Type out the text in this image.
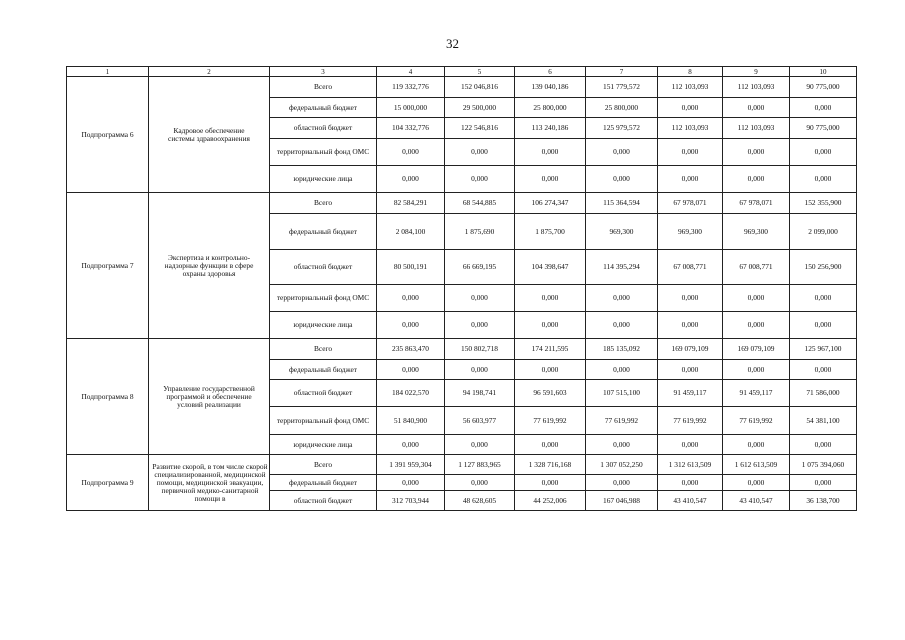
32
1	2	3	4	5	6	7	8	9	10
Подпрограмма 6	Кадровое обеспечение системы здравоохранения	Всего	119 332,776	152 046,816	139 040,186	151 779,572	112 103,093	112 103,093	90 775,000
		федеральный бюджет	15 000,000	29 500,000	25 800,000	25 800,000	0,000	0,000	0,000
		областной бюджет	104 332,776	122 546,816	113 240,186	125 979,572	112 103,093	112 103,093	90 775,000
		территориальный фонд ОМС	0,000	0,000	0,000	0,000	0,000	0,000	0,000
		юридические лица	0,000	0,000	0,000	0,000	0,000	0,000	0,000
Подпрограмма 7	Экспертиза и контрольно-надзорные функции в сфере охраны здоровья	Всего	82 584,291	68 544,885	106 274,347	115 364,594	67 978,071	67 978,071	152 355,900
		федеральный бюджет	2 084,100	1 875,690	1 875,700	969,300	969,300	969,300	2 099,000
		областной бюджет	80 500,191	66 669,195	104 398,647	114 395,294	67 008,771	67 008,771	150 256,900
		территориальный фонд ОМС	0,000	0,000	0,000	0,000	0,000	0,000	0,000
		юридические лица	0,000	0,000	0,000	0,000	0,000	0,000	0,000
Подпрограмма 8	Управление государственной программой и обеспечение условий реализации	Всего	235 863,470	150 802,718	174 211,595	185 135,092	169 079,109	169 079,109	125 967,100
		федеральный бюджет	0,000	0,000	0,000	0,000	0,000	0,000	0,000
		областной бюджет	184 022,570	94 198,741	96 591,603	107 515,100	91 459,117	91 459,117	71 586,000
		территориальный фонд ОМС	51 840,900	56 603,977	77 619,992	77 619,992	77 619,992	77 619,992	54 381,100
		юридические лица	0,000	0,000	0,000	0,000	0,000	0,000	0,000
Подпрограмма 9	Развитие скорой, в том числе скорой специализированной, медицинской помощи, медицинской эвакуации, первичной медико-санитарной помощи в	Всего	1 391 959,304	1 127 883,965	1 328 716,168	1 307 052,250	1 312 613,509	1 612 613,509	1 075 394,060
		федеральный бюджет	0,000	0,000	0,000	0,000	0,000	0,000	0,000
		областной бюджет	312 703,944	48 628,605	44 252,006	167 046,988	43 410,547	43 410,547	36 138,700
